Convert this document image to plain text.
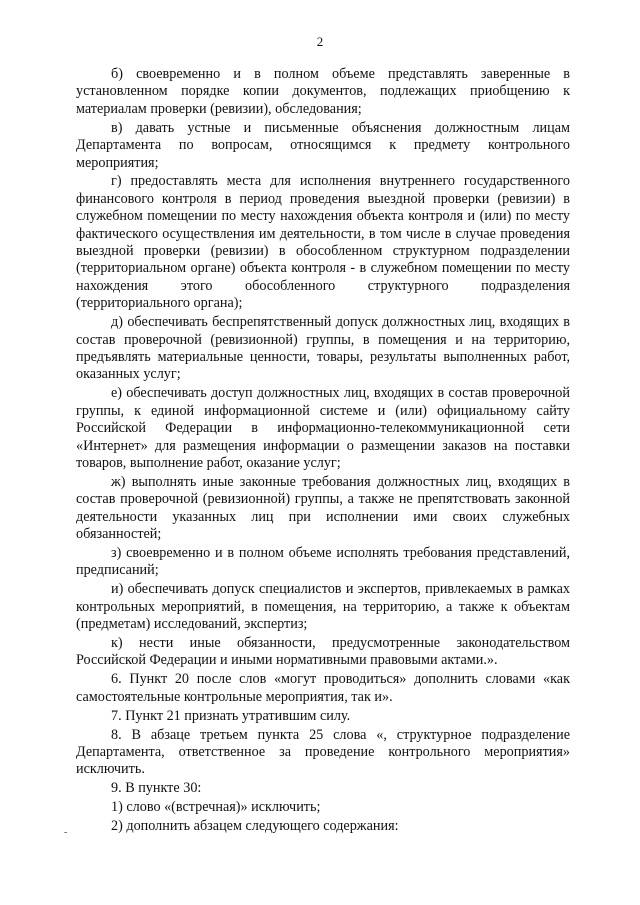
2

б) своевременно и в полном объеме представлять заверенные в установленном порядке копии документов, подлежащих приобщению к материалам проверки (ревизии), обследования;

в) давать устные и письменные объяснения должностным лицам Департамента по вопросам, относящимся к предмету контрольного мероприятия;

г) предоставлять места для исполнения внутреннего государственного финансового контроля в период проведения выездной проверки (ревизии) в служебном помещении по месту нахождения объекта контроля и (или) по месту фактического осуществления им деятельности, в том числе в случае проведения выездной проверки (ревизии) в обособленном структурном подразделении (территориальном органе) объекта контроля - в служебном помещении по месту нахождения этого обособленного структурного подразделения (территориального органа);

д) обеспечивать беспрепятственный допуск должностных лиц, входящих в состав проверочной (ревизионной) группы, в помещения и на территорию, предъявлять материальные ценности, товары, результаты выполненных работ, оказанных услуг;

е) обеспечивать доступ должностных лиц, входящих в состав проверочной группы, к единой информационной системе и (или) официальному сайту Российской Федерации в информационно-телекоммуникационной сети «Интернет» для размещения информации о размещении заказов на поставки товаров, выполнение работ, оказание услуг;

ж) выполнять иные законные требования должностных лиц, входящих в состав проверочной (ревизионной) группы, а также не препятствовать законной деятельности указанных лиц при исполнении ими своих служебных обязанностей;

з) своевременно и в полном объеме исполнять требования представлений, предписаний;

и) обеспечивать допуск специалистов и экспертов, привлекаемых в рамках контрольных мероприятий, в помещения, на территорию, а также к объектам (предметам) исследований, экспертиз;

к) нести иные обязанности, предусмотренные законодательством Российской Федерации и иными нормативными правовыми актами.».

6. Пункт 20 после слов «могут проводиться» дополнить словами «как самостоятельные контрольные мероприятия, так и».

7. Пункт 21 признать утратившим силу.

8. В абзаце третьем пункта 25 слова «, структурное подразделение Департамента, ответственное за проведение контрольного мероприятия» исключить.

9. В пункте 30:

1) слово «(встречная)» исключить;

2) дополнить абзацем следующего содержания:

-
